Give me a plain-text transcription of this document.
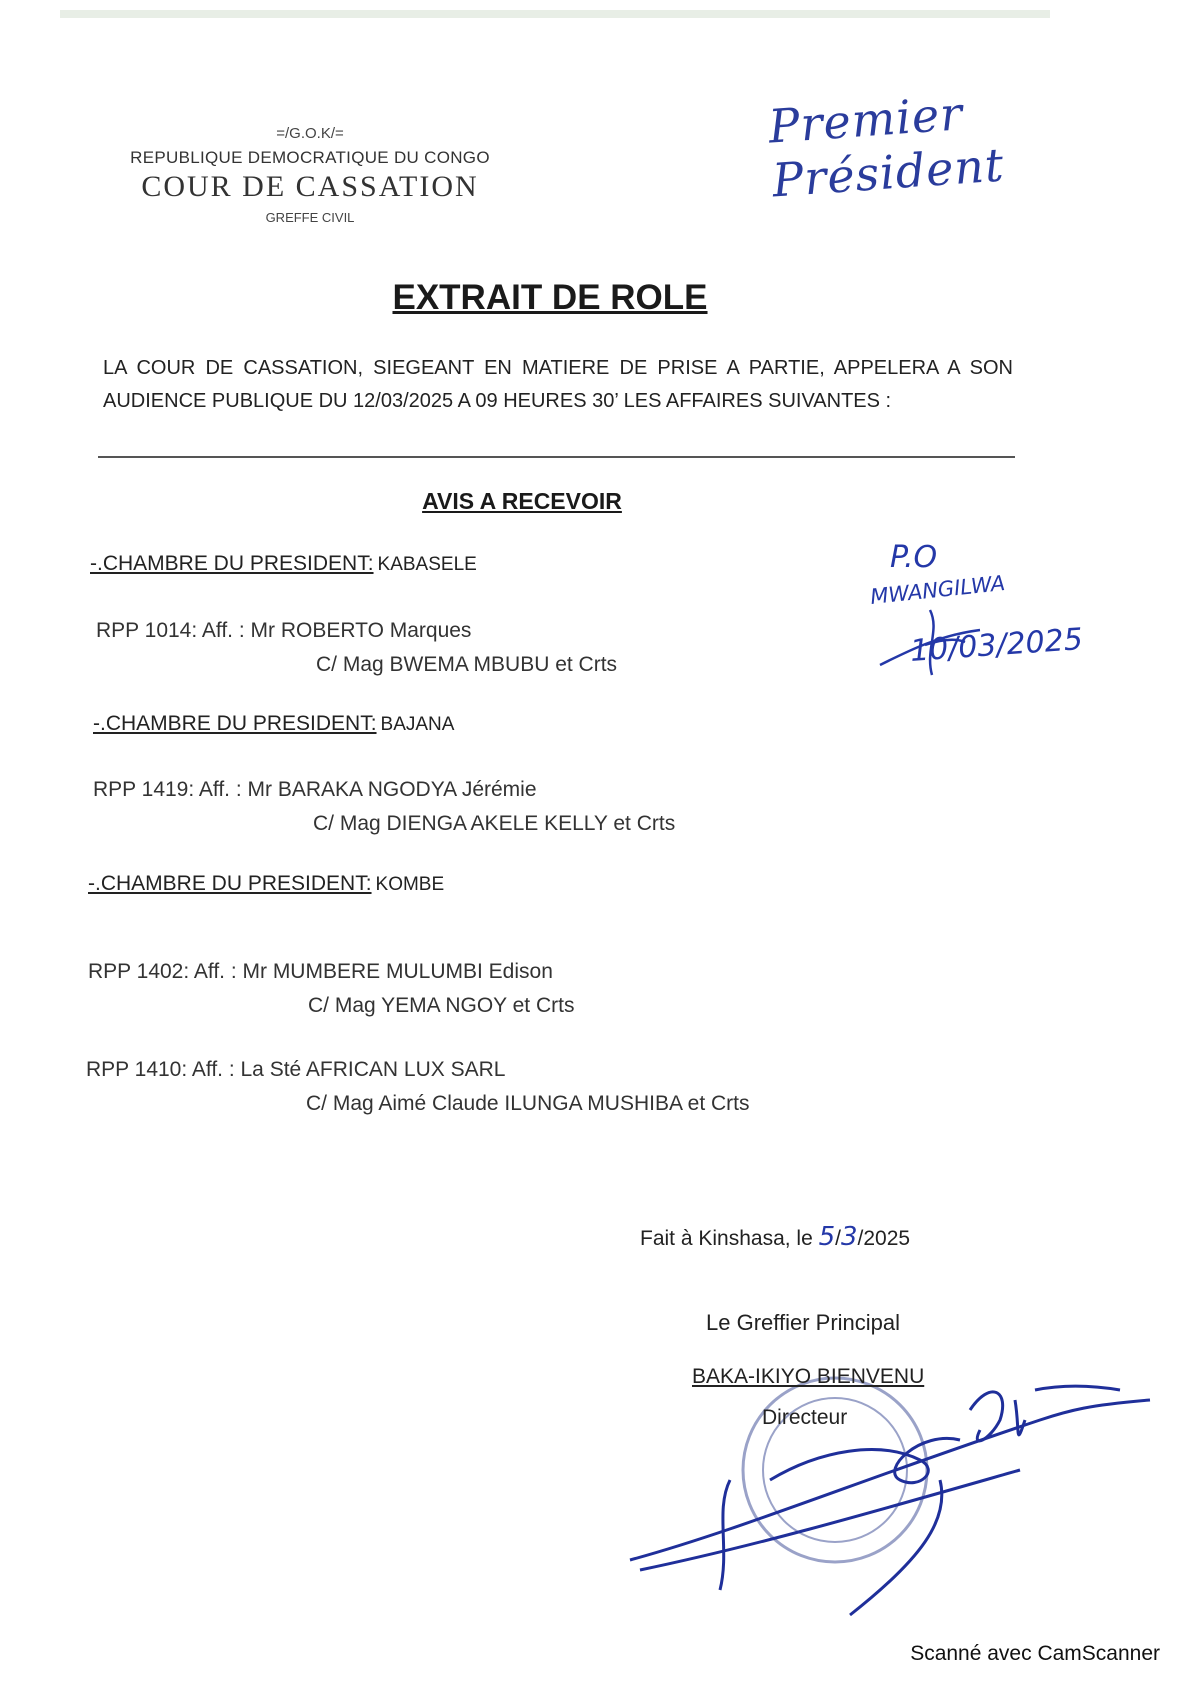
Premier Président
=/G.O.K/=
REPUBLIQUE DEMOCRATIQUE DU CONGO
COUR DE CASSATION
GREFFE CIVIL
EXTRAIT DE ROLE
LA COUR DE CASSATION, SIEGEANT EN MATIERE DE PRISE A PARTIE, APPELERA A SON AUDIENCE PUBLIQUE DU 12/03/2025 A 09 HEURES 30’ LES AFFAIRES SUIVANTES :
AVIS A RECEVOIR
-.CHAMBRE DU PRESIDENT: KABASELE
RPP 1014: Aff. : Mr ROBERTO Marques
C/ Mag BWEMA MBUBU et Crts
-.CHAMBRE DU PRESIDENT: BAJANA
RPP 1419: Aff. : Mr BARAKA NGODYA Jérémie
C/ Mag DIENGA AKELE KELLY et Crts
-.CHAMBRE DU PRESIDENT: KOMBE
RPP 1402: Aff. : Mr MUMBERE MULUMBI Edison
C/ Mag YEMA NGOY et Crts
RPP 1410: Aff. : La Sté AFRICAN LUX SARL
C/ Mag Aimé Claude ILUNGA MUSHIBA et Crts
P.O
MWANGILWA
10/03/2025
Fait à Kinshasa, le 5/3/2025
Le Greffier Principal
BAKA-IKIYO BIENVENU
Directeur
Scanné avec CamScanner
